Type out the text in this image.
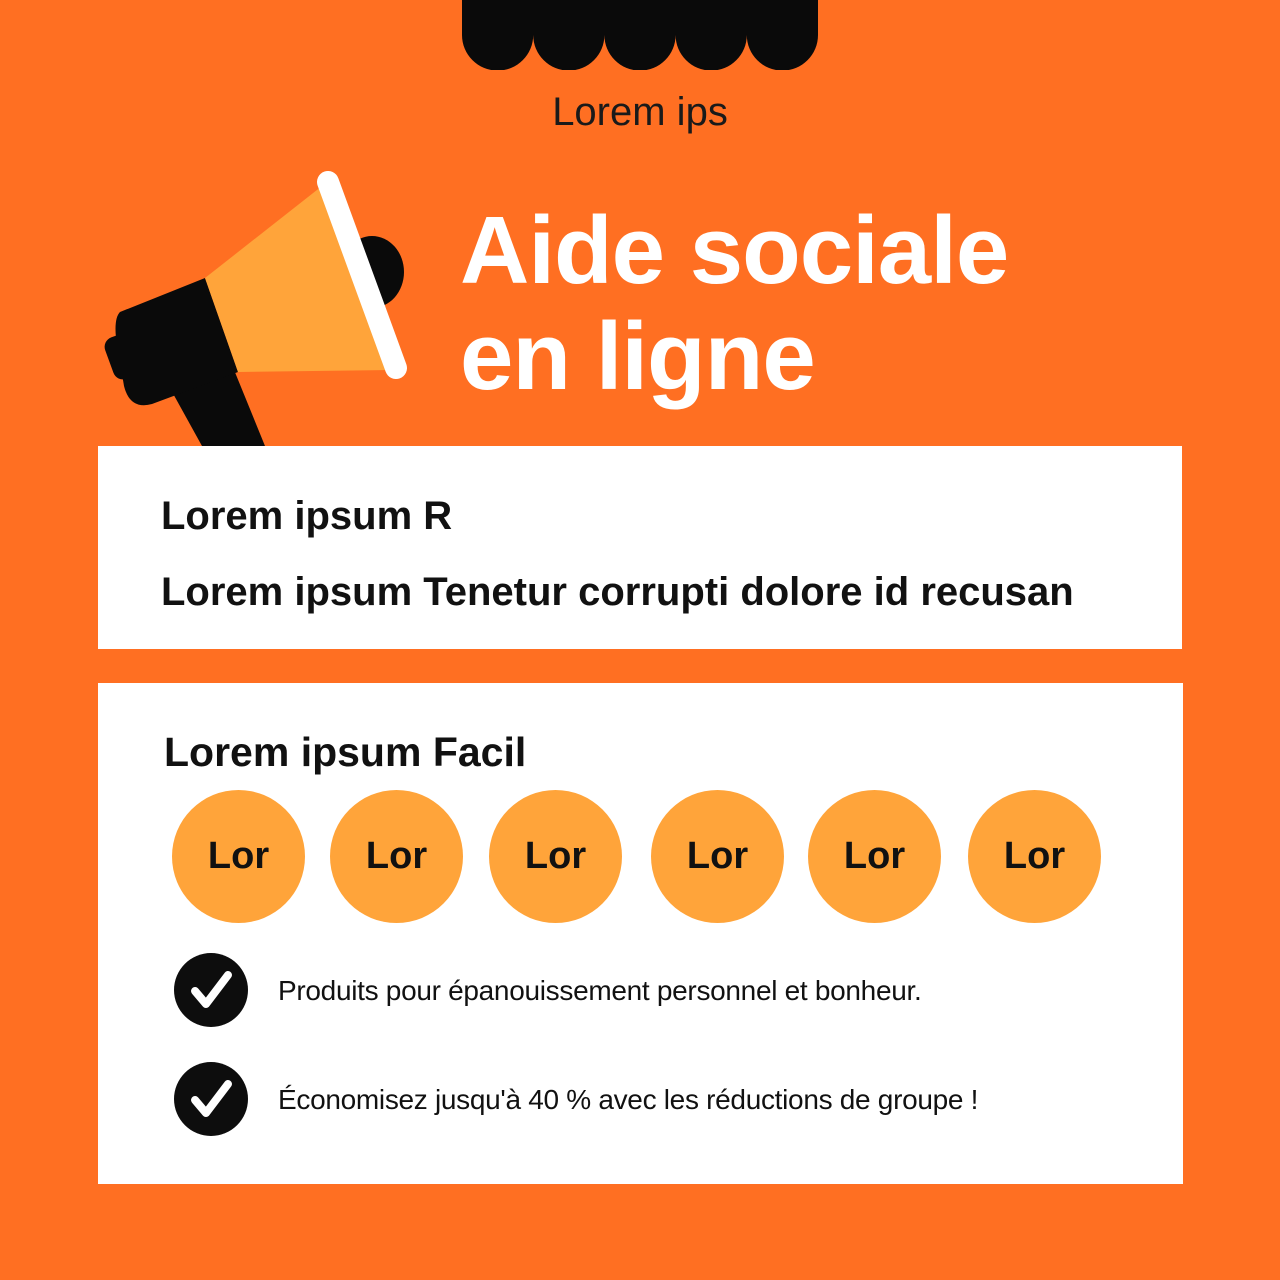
Lorem ips
Aide sociale
en ligne
Lorem ipsum R
Lorem ipsum Tenetur corrupti dolore id recusan
Lorem ipsum Facil
Lor	Lor	Lor	Lor	Lor	Lor
Produits pour épanouissement personnel et bonheur.
Économisez jusqu'à 40 % avec les réductions de groupe !
